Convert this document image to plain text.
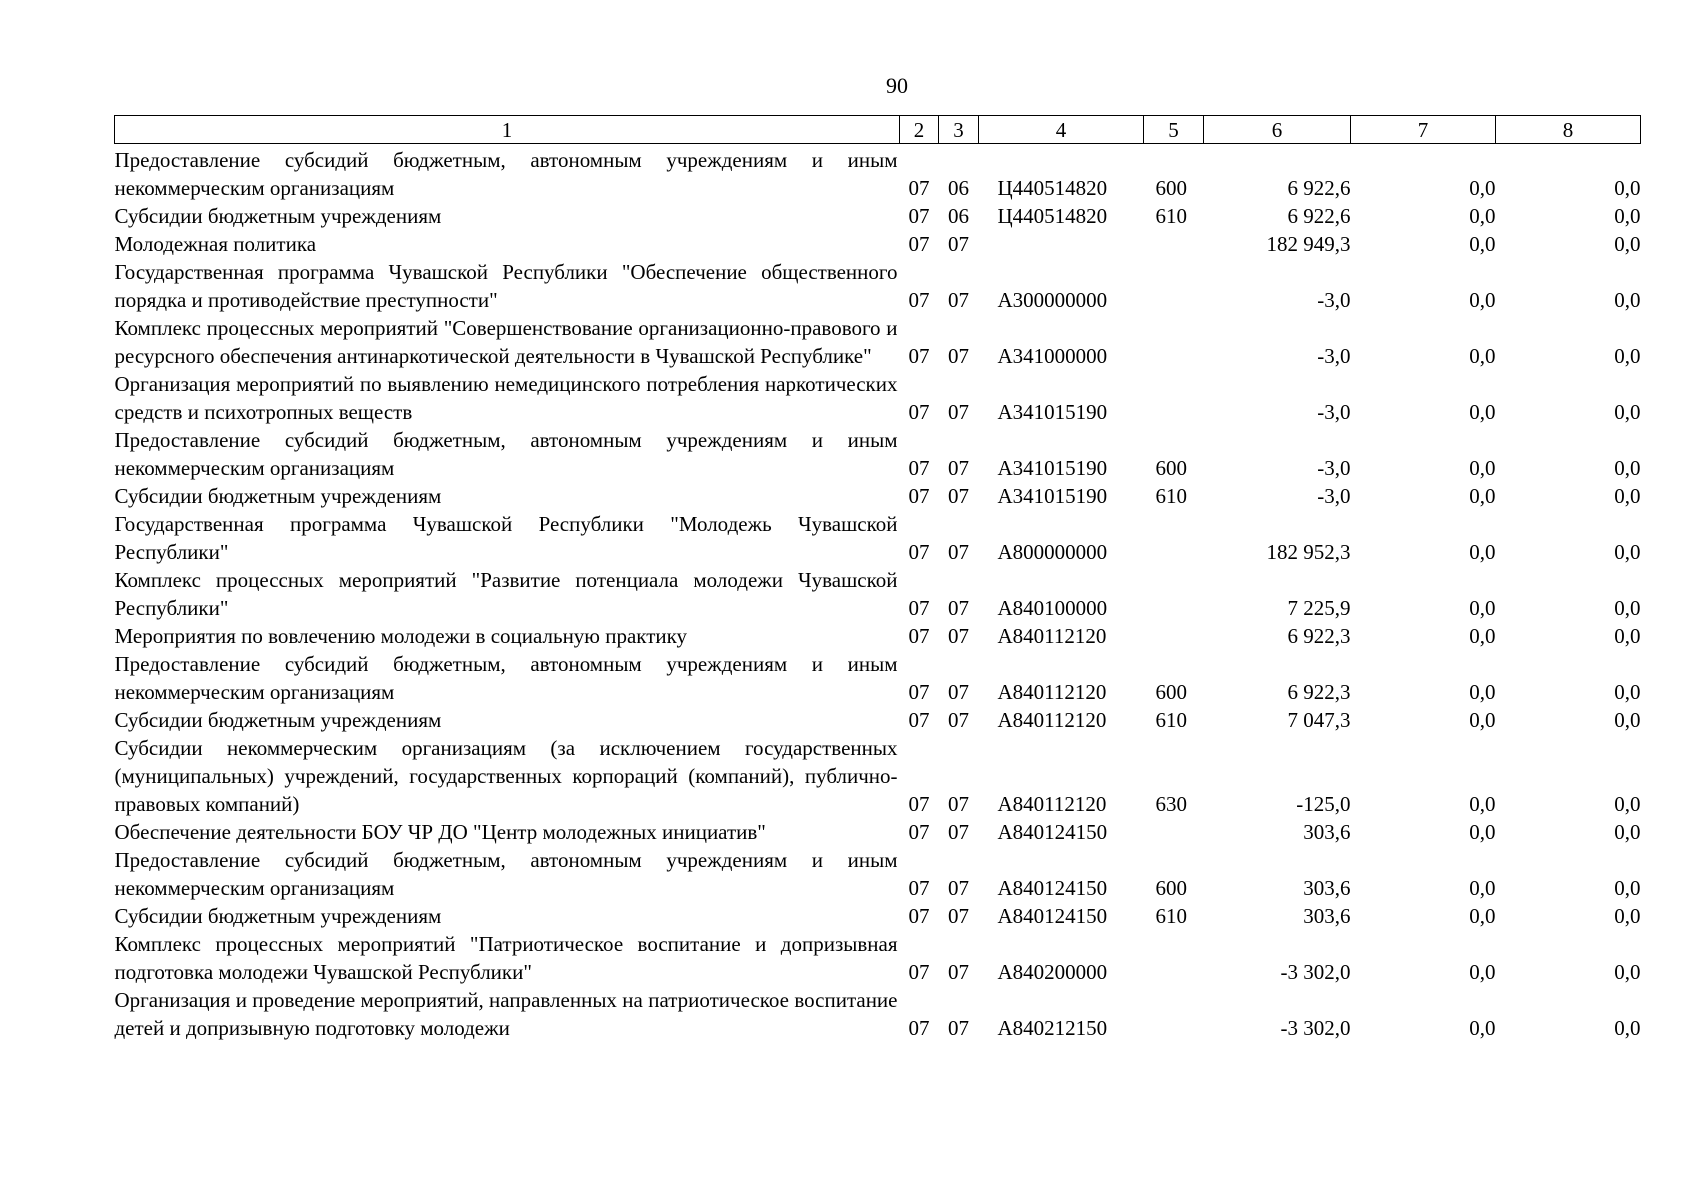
90
1	2	3	4	5	6	7	8
Предоставление субсидий бюджетным, автономным учреждениям и иным некоммерческим организациям	07	06	Ц440514820	600	6 922,6	0,0	0,0
Субсидии бюджетным учреждениям	07	06	Ц440514820	610	6 922,6	0,0	0,0
Молодежная политика	07	07			182 949,3	0,0	0,0
Государственная программа Чувашской Республики "Обеспечение общественного порядка и противодействие преступности"	07	07	А300000000		-3,0	0,0	0,0
Комплекс процессных мероприятий "Совершенствование организационно-правового и ресурсного обеспечения антинаркотической деятельности в Чувашской Республике"	07	07	А341000000		-3,0	0,0	0,0
Организация мероприятий по выявлению немедицинского потребления наркотических средств и психотропных веществ	07	07	А341015190		-3,0	0,0	0,0
Предоставление субсидий бюджетным, автономным учреждениям и иным некоммерческим организациям	07	07	А341015190	600	-3,0	0,0	0,0
Субсидии бюджетным учреждениям	07	07	А341015190	610	-3,0	0,0	0,0
Государственная программа Чувашской Республики "Молодежь Чувашской Республики"	07	07	А800000000		182 952,3	0,0	0,0
Комплекс процессных мероприятий "Развитие потенциала молодежи Чувашской Республики"	07	07	А840100000		7 225,9	0,0	0,0
Мероприятия по вовлечению молодежи в социальную практику	07	07	А840112120		6 922,3	0,0	0,0
Предоставление субсидий бюджетным, автономным учреждениям и иным некоммерческим организациям	07	07	А840112120	600	6 922,3	0,0	0,0
Субсидии бюджетным учреждениям	07	07	А840112120	610	7 047,3	0,0	0,0
Субсидии некоммерческим организациям (за исключением государственных (муниципальных) учреждений, государственных корпораций (компаний), публично-правовых компаний)	07	07	А840112120	630	-125,0	0,0	0,0
Обеспечение деятельности БОУ ЧР ДО "Центр молодежных инициатив"	07	07	А840124150		303,6	0,0	0,0
Предоставление субсидий бюджетным, автономным учреждениям и иным некоммерческим организациям	07	07	А840124150	600	303,6	0,0	0,0
Субсидии бюджетным учреждениям	07	07	А840124150	610	303,6	0,0	0,0
Комплекс процессных мероприятий "Патриотическое воспитание и допризывная подготовка молодежи Чувашской Республики"	07	07	А840200000		-3 302,0	0,0	0,0
Организация и проведение мероприятий, направленных на патриотическое воспитание детей и допризывную подготовку молодежи	07	07	А840212150		-3 302,0	0,0	0,0
